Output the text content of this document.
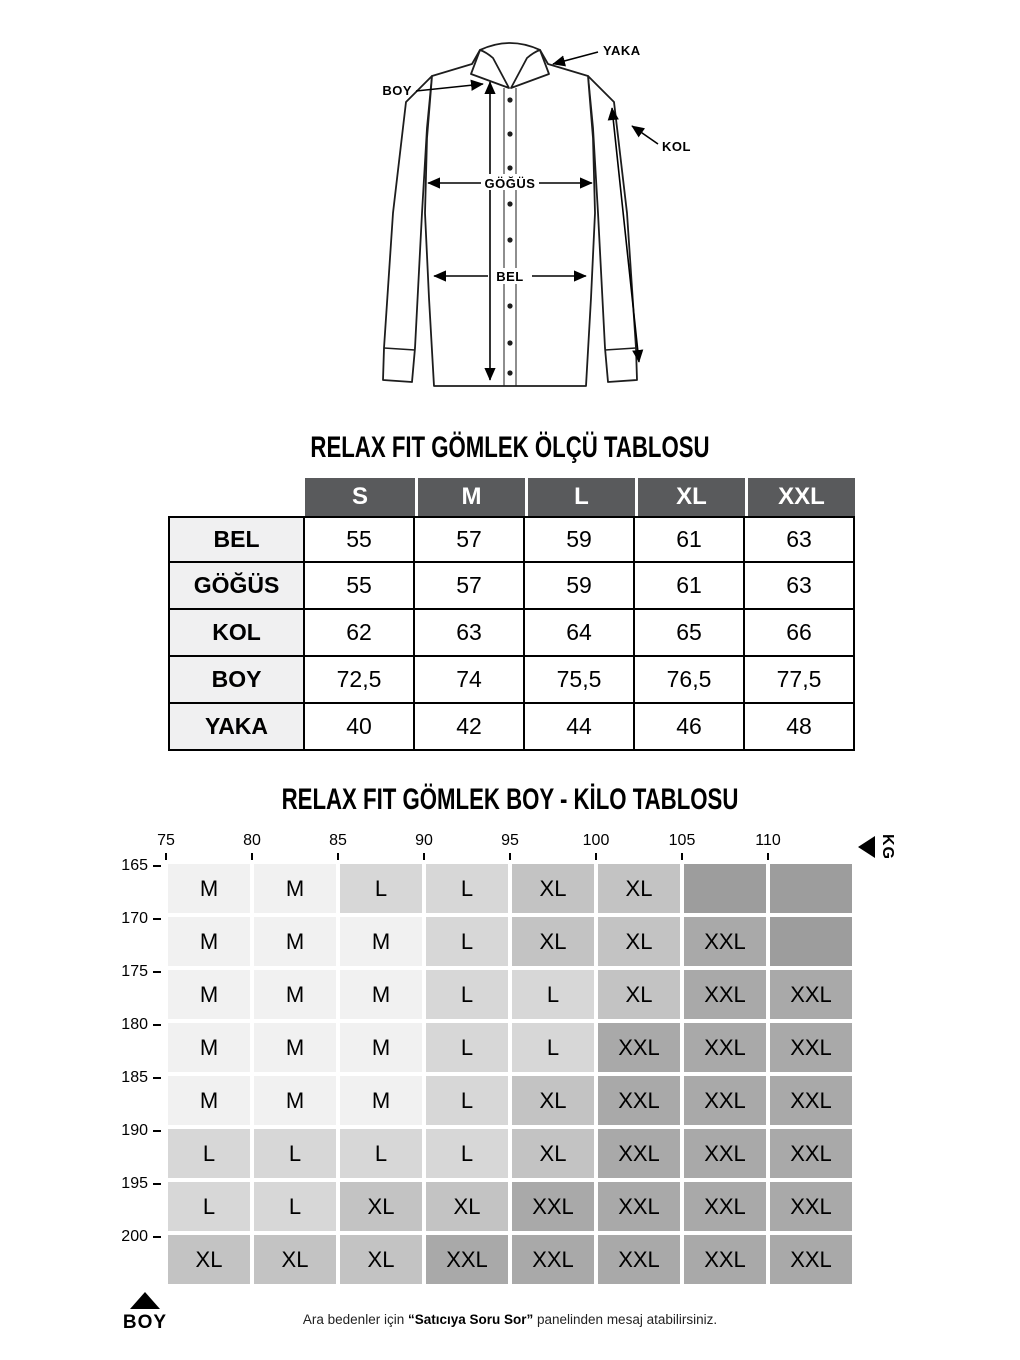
BOY
YAKA
KOL
GÖĞÜS
BEL
RELAX FIT GÖMLEK ÖLÇÜ TABLOSU
S	M	L	XL	XXL
BEL	55	57	59	61	63
GÖĞÜS	55	57	59	61	63
KOL	62	63	64	65	66
BOY	72,5	74	75,5	76,5	77,5
YAKA	40	42	44	46	48
RELAX FIT GÖMLEK BOY - KİLO TABLOSU
75	80	85	90	95	100	105	110	KG
165
170
175
180
185
190
195
200
M	M	L	L	XL	XL
M	M	M	L	XL	XL	XXL
M	M	M	L	L	XL	XXL	XXL
M	M	M	L	L	XXL	XXL	XXL
M	M	M	L	XL	XXL	XXL	XXL
L	L	L	L	XL	XXL	XXL	XXL
L	L	XL	XL	XXL	XXL	XXL	XXL
XL	XL	XL	XXL	XXL	XXL	XXL	XXL
BOY	Ara bedenler için “Satıcıya Soru Sor” panelinden mesaj atabilirsiniz.
